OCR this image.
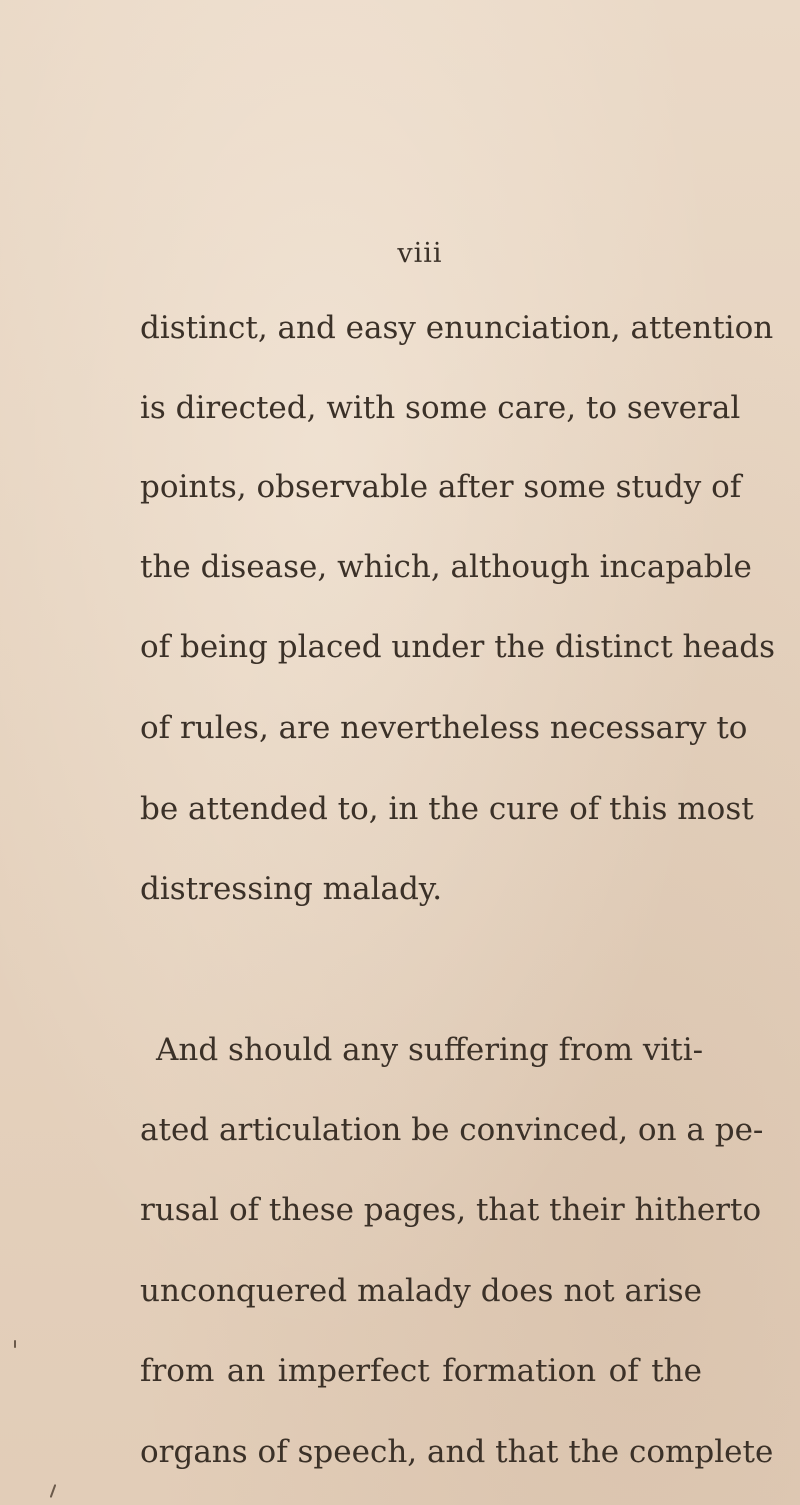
viii
distinct, and easy enunciation, attention
is directed, with some care, to several
points, observable after some study of
the disease, which, although incapable
of being placed under the distinct heads
of rules, are nevertheless necessary to
be attended to, in the cure of this most
distressing malady.
And should any suffering from viti-
ated articulation be convinced, on a pe-
rusal of these pages, that their hitherto
unconquered malady does not arise
from an imperfect formation of the
organs of speech, and that the complete
